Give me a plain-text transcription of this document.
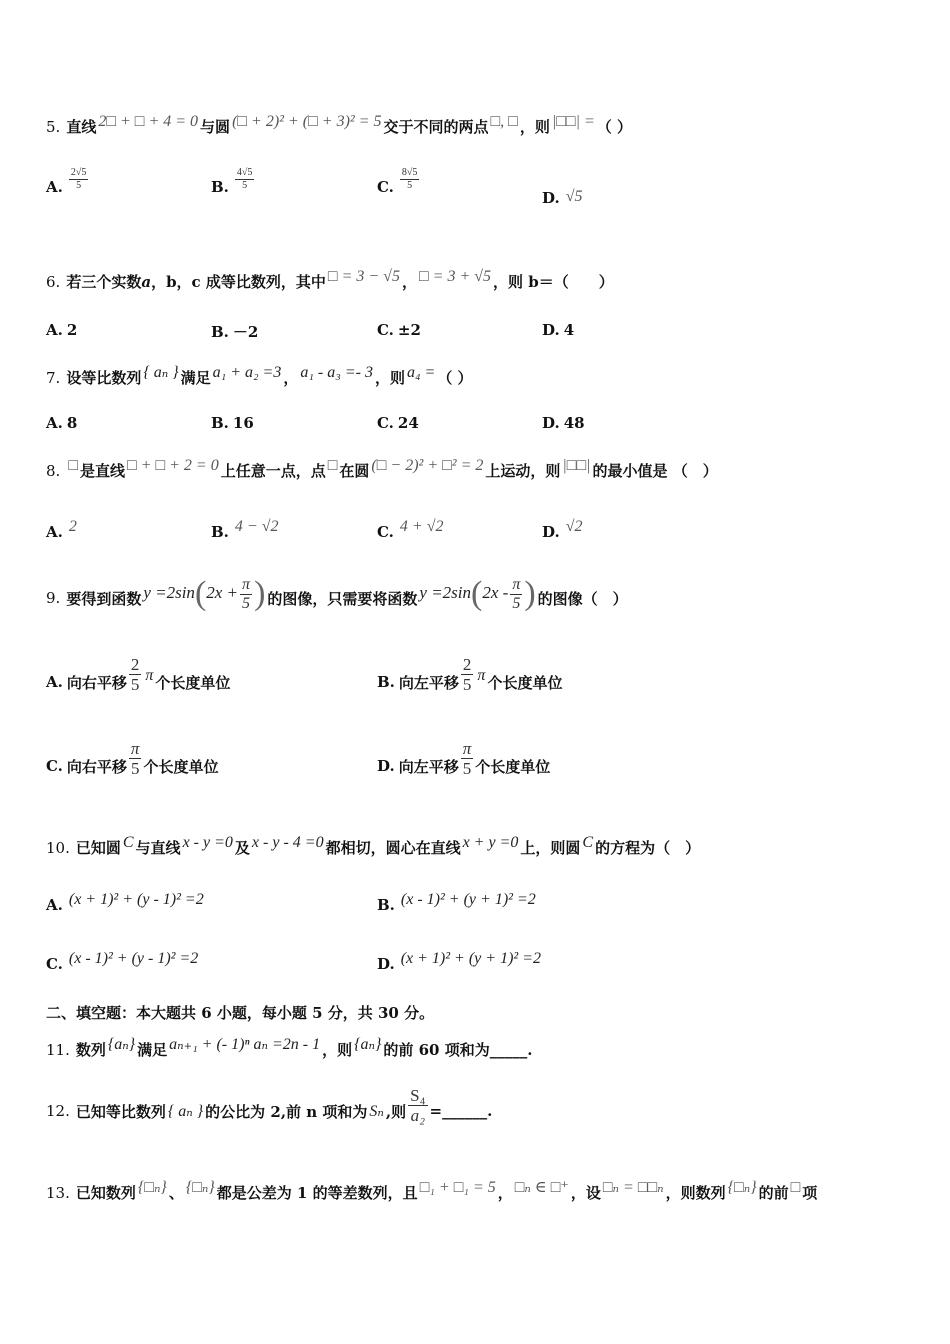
5. 直线 2□ + □ + 4 = 0 与圆 (□ + 2)² + (□ + 3)² = 5 交于不同的两点 □, □ ，则 |□□| = （ ）
A. $\frac{2√5}{5}$	B. $\frac{4√5}{5}$	C. $\frac{8√5}{5}$
D. √5
6. 若三个实数a，b，c 成等比数列，其中 □ = 3 − √5 ， □ = 3 + √5 ，则 b＝（　　）
A. 2	B. －2	C. ±2	D. 4
7. 设等比数列 { aₙ } 满足 a₁ + a₂ =3 ， a₁ - a₃ =- 3 ，则 a₄ = （ ）
A. 8	B. 16	C. 24	D. 48
8. □ 是直线 □ + □ + 2 = 0 上任意一点，点 □ 在圆 (□ − 2)² + □² = 2 上运动，则 |□□| 的最小值是 （　）
A. 2	B. 4 − √2	C. 4 + √2	D. √2
9. 要得到函数 $y =2\sin(2x + \frac{\pi}{5}$ ) 的图像，只需要将函数 $y =2\sin(2x - \frac{\pi}{5}$ ) 的图像（　）
A. 向右平移 $\frac{2}{5}$ π 个长度单位	B. 向左平移 $\frac{2}{5}$ π 个长度单位
C. 向右平移 $\frac{\pi}{5}$ 个长度单位	D. 向左平移 $\frac{\pi}{5}$ 个长度单位
10. 已知圆 C 与直线 x - y =0 及 x - y - 4 =0 都相切，圆心在直线 x + y =0 上，则圆 C 的方程为（　）
A. (x + 1)² + (y - 1)² =2	B. (x - 1)² + (y + 1)² =2
C. (x - 1)² + (y - 1)² =2	D. (x + 1)² + (y + 1)² =2
二、填空题：本大题共 6 小题，每小题 5 分，共 30 分。
11. 数列 {aₙ} 满足 aₙ₊₁ + (- 1)ⁿ aₙ =2n - 1 ，则 {aₙ} 的前 60 项和为_____.
12. 已知等比数列 { aₙ } 的公比为 2,前 n 项和为 Sₙ ,则 $\frac{\text{S₄}}{\text{a₂}}$ =______.
13. 已知数列 {□ₙ} 、 {□ₙ} 都是公差为 1 的等差数列，且 □₁ + □₁ = 5 ， □ₙ ∈ □⁺ ，设 □ₙ = □□ₙ ，则数列 {□ₙ} 的前 □ 项
